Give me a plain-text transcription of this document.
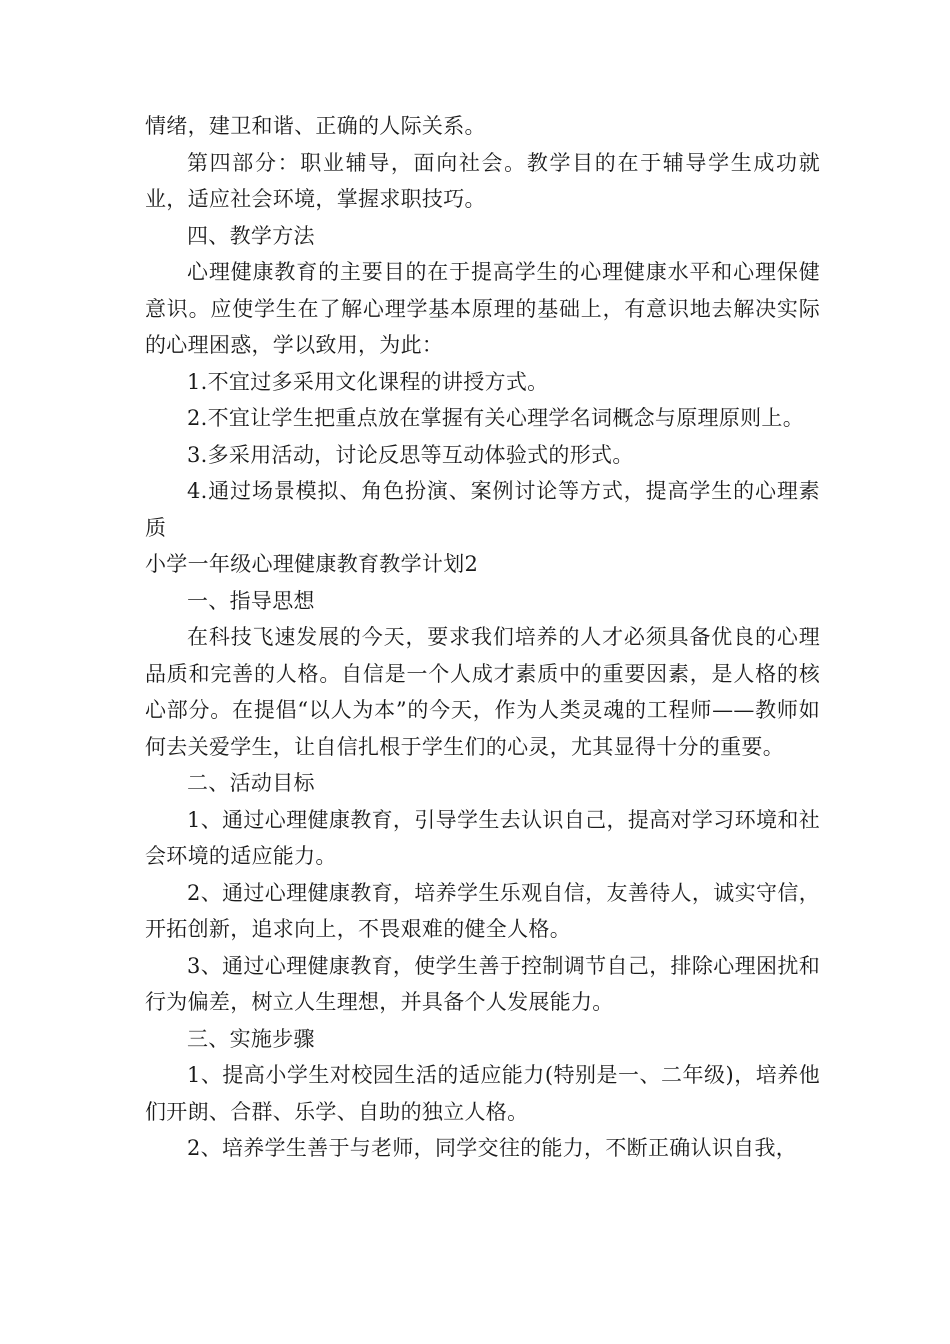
情绪，建卫和谐、正确的人际关系。

第四部分：职业辅导，面向社会。教学目的在于辅导学生成功就业，适应社会环境，掌握求职技巧。

四、教学方法

心理健康教育的主要目的在于提高学生的心理健康水平和心理保健意识。应使学生在了解心理学基本原理的基础上，有意识地去解决实际的心理困惑，学以致用，为此：

1.不宜过多采用文化课程的讲授方式。

2.不宜让学生把重点放在掌握有关心理学名词概念与原理原则上。

3.多采用活动，讨论反思等互动体验式的形式。

4.通过场景模拟、角色扮演、案例讨论等方式，提高学生的心理素质

小学一年级心理健康教育教学计划2

一、指导思想

在科技飞速发展的今天，要求我们培养的人才必须具备优良的心理品质和完善的人格。自信是一个人成才素质中的重要因素，是人格的核心部分。在提倡“以人为本”的今天，作为人类灵魂的工程师——教师如何去关爱学生，让自信扎根于学生们的心灵，尤其显得十分的重要。

二、活动目标

1、通过心理健康教育，引导学生去认识自己，提高对学习环境和社会环境的适应能力。

2、通过心理健康教育，培养学生乐观自信，友善待人，诚实守信，开拓创新，追求向上，不畏艰难的健全人格。

3、通过心理健康教育，使学生善于控制调节自己，排除心理困扰和行为偏差，树立人生理想，并具备个人发展能力。

三、实施步骤

1、提高小学生对校园生活的适应能力(特别是一、二年级)，培养他们开朗、合群、乐学、自助的独立人格。

2、培养学生善于与老师，同学交往的能力，不断正确认识自我，
